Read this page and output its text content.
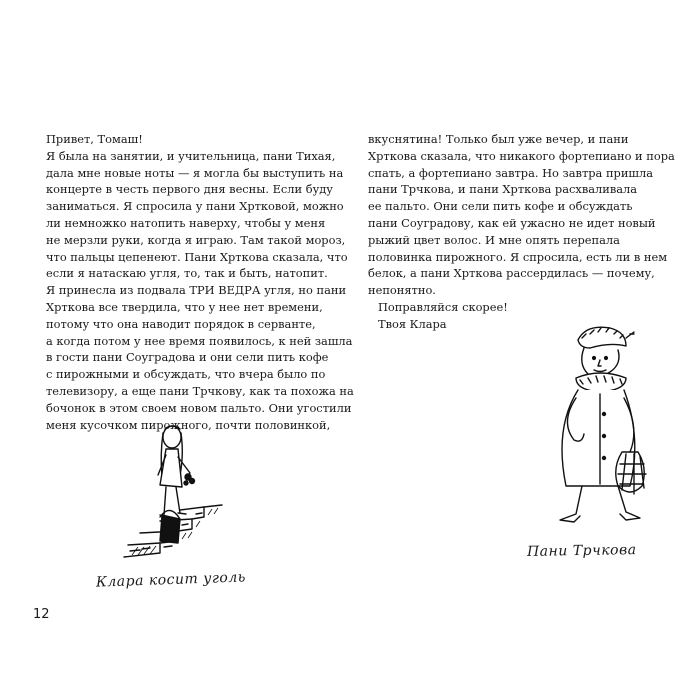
Привет, Томаш!
Я была на занятии, и учительница, пани Тихая,
дала мне новые ноты — я могла бы выступить на
концерте в честь первого дня весны. Если буду
заниматься. Я спросила у пани Хртковой, можно
ли немножко натопить наверху, чтобы у меня
не мерзли руки, когда я играю. Там такой мороз,
что пальцы цепенеют. Пани Хртковa сказала, что
если я натаскаю угля, то, так и быть, натопит.
Я принесла из подвала ТРИ ВЕДРА угля, но пани
Хртковa все твердила, что у нее нет времени,
потому что она наводит порядок в серванте,
а когда потом у нее время появилось, к ней зашла
в гости пани Соуградова и они сели пить кофе
с пирожными и обсуждать, что вчера было по
телевизору, а еще пани Трчкову, как та похожа на
бочонок в этом своем новом пальто. Они угостили
меня кусочком пирожного, почти половинкой,
вкуснятина! Только был уже вечер, и пани
Хртковa сказала, что никакого фортепиано и пора
спать, а фортепиано завтра. Но завтра пришла
пани Трчкова, и пани Хртковa расхваливала
ее пальто. Они сели пить кофе и обсуждать
пани Соуградову, как ей ужасно не идет новый
рыжий цвет волос. И мне опять перепала
половинка пирожного. Я спросила, есть ли в нем
белок, а пани Хртковa рассердилась — почему,
непонятно.
Поправляйся скорее!
Твоя Клара
Клара косит уголь
Пани Трчкова
12
